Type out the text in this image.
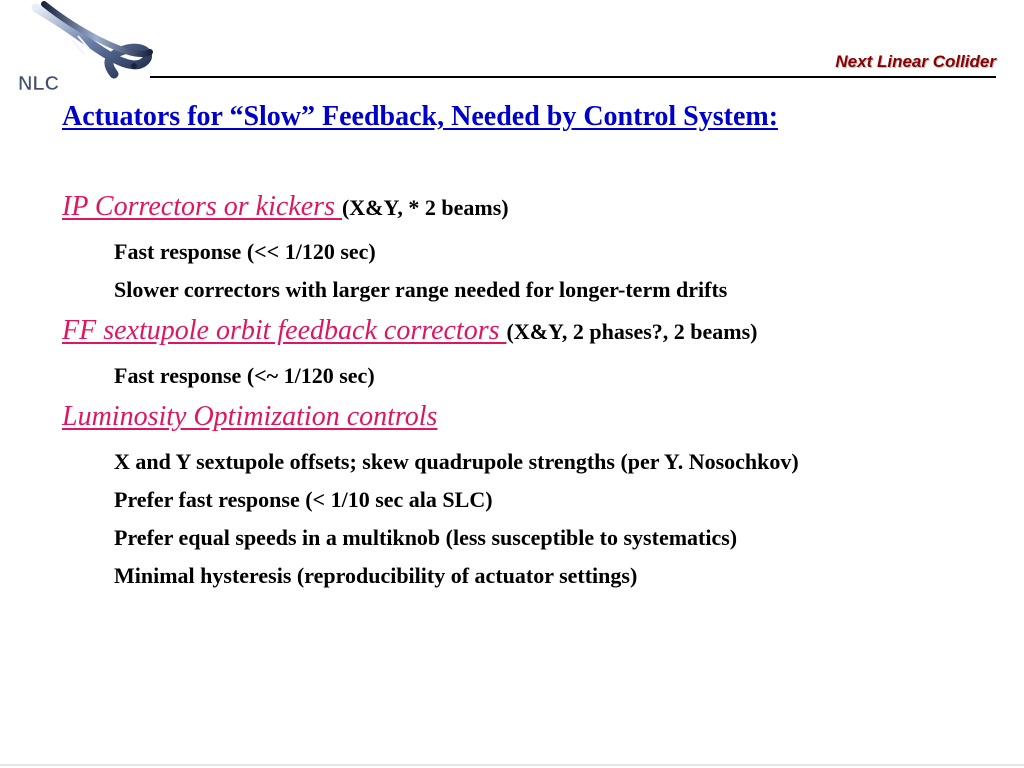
NLC
Next Linear Collider
Actuators for “Slow” Feedback, Needed by Control System:
IP Correctors or kickers (X&Y, * 2 beams)

Fast response (<< 1/120 sec)

Slower correctors with larger range needed for longer-term drifts

FF sextupole orbit feedback correctors (X&Y, 2 phases?, 2 beams)

Fast response (<~ 1/120 sec)

Luminosity Optimization controls

X and Y sextupole offsets; skew quadrupole strengths (per Y. Nosochkov)

Prefer fast response (< 1/10 sec ala SLC)

Prefer equal speeds in a multiknob (less susceptible to systematics)

Minimal hysteresis (reproducibility of actuator settings)
